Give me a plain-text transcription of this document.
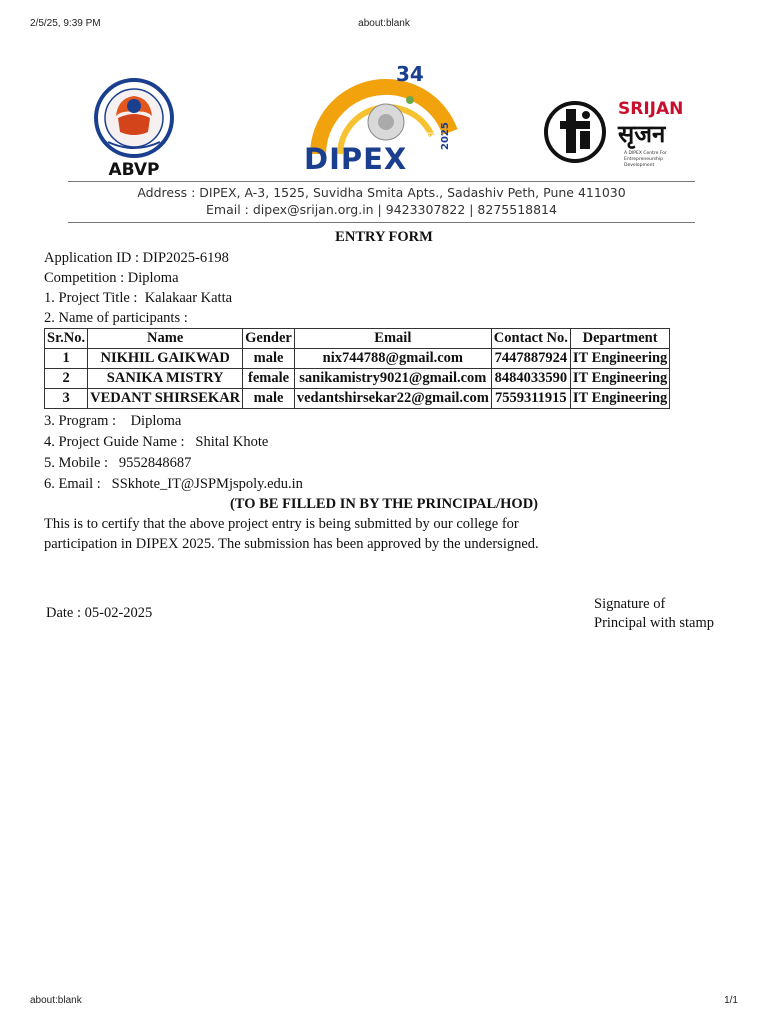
2/5/25, 9:39 PM	about:blank
ABVP
34
DIPEX
2025
सृजन
SRIJAN
सृजन
A DIPEX Centre For Entrepreneurship Development
Address : DIPEX, A-3, 1525, Suvidha Smita Apts., Sadashiv Peth, Pune 411030
Email : dipex@srijan.org.in | 9423307822 | 8275518814
ENTRY FORM

Application ID : DIP2025-6198

Competition : Diploma

1. Project Title :  Kalakaar Katta

2. Name of participants :

Sr.No.	Name	Gender	Email	Contact No.	Department
1	NIKHIL GAIKWAD	male	nix744788@gmail.com	7447887924	IT Engineering
2	SANIKA MISTRY	female	sanikamistry9021@gmail.com	8484033590	IT Engineering
3	VEDANT SHIRSEKAR	male	vedantshirsekar22@gmail.com	7559311915	IT Engineering

3. Program :    Diploma

4. Project Guide Name :   Shital Khote

5. Mobile :   9552848687

6. Email :   SSkhote_IT@JSPMjspoly.edu.in

(TO BE FILLED IN BY THE PRINCIPAL/HOD)

This is to certify that the above project entry is being submitted by our college for participation in DIPEX 2025. The submission has been approved by the undersigned.

Date : 05-02-2025
Signature of
Principal with stamp
about:blank	1/1
